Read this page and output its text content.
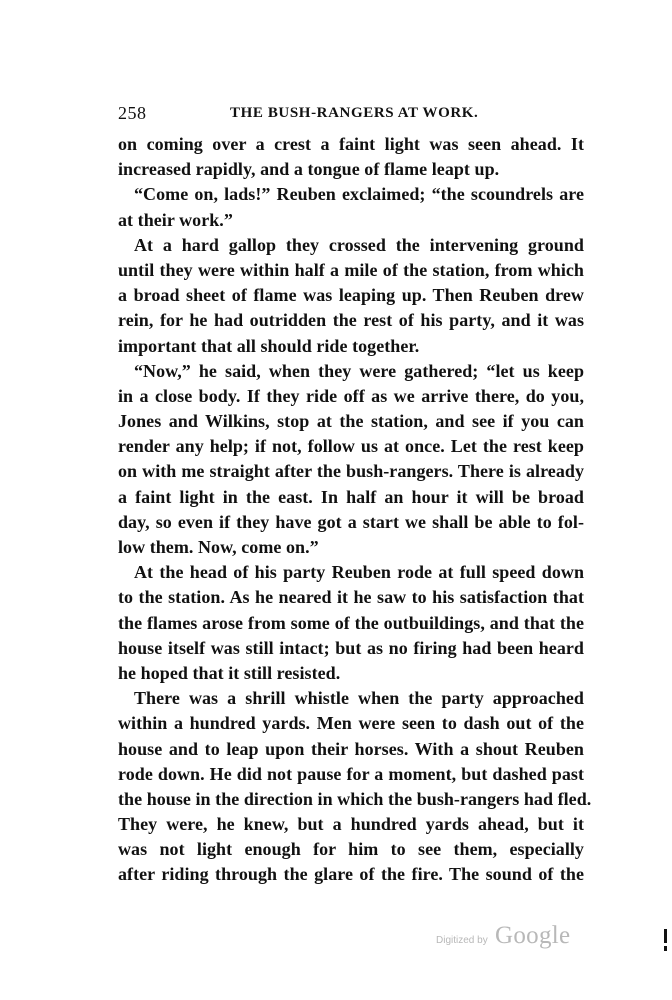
258	THE BUSH-RANGERS AT WORK.
on coming over a crest a faint light was seen ahead. It
increased rapidly, and a tongue of flame leapt up.
“Come on, lads!” Reuben exclaimed; “the scoundrels are
at their work.”
At a hard gallop they crossed the intervening ground
until they were within half a mile of the station, from which
a broad sheet of flame was leaping up. Then Reuben drew
rein, for he had outridden the rest of his party, and it was
important that all should ride together.
“Now,” he said, when they were gathered; “let us keep
in a close body. If they ride off as we arrive there, do you,
Jones and Wilkins, stop at the station, and see if you can
render any help; if not, follow us at once. Let the rest keep
on with me straight after the bush-rangers. There is already
a faint light in the east. In half an hour it will be broad
day, so even if they have got a start we shall be able to fol-
low them. Now, come on.”
At the head of his party Reuben rode at full speed down
to the station. As he neared it he saw to his satisfaction that
the flames arose from some of the outbuildings, and that the
house itself was still intact; but as no firing had been heard
he hoped that it still resisted.
There was a shrill whistle when the party approached
within a hundred yards. Men were seen to dash out of the
house and to leap upon their horses. With a shout Reuben
rode down. He did not pause for a moment, but dashed past
the house in the direction in which the bush-rangers had fled.
They were, he knew, but a hundred yards ahead, but it
was not light enough for him to see them, especially
after riding through the glare of the fire. The sound of the
Digitized by Google
